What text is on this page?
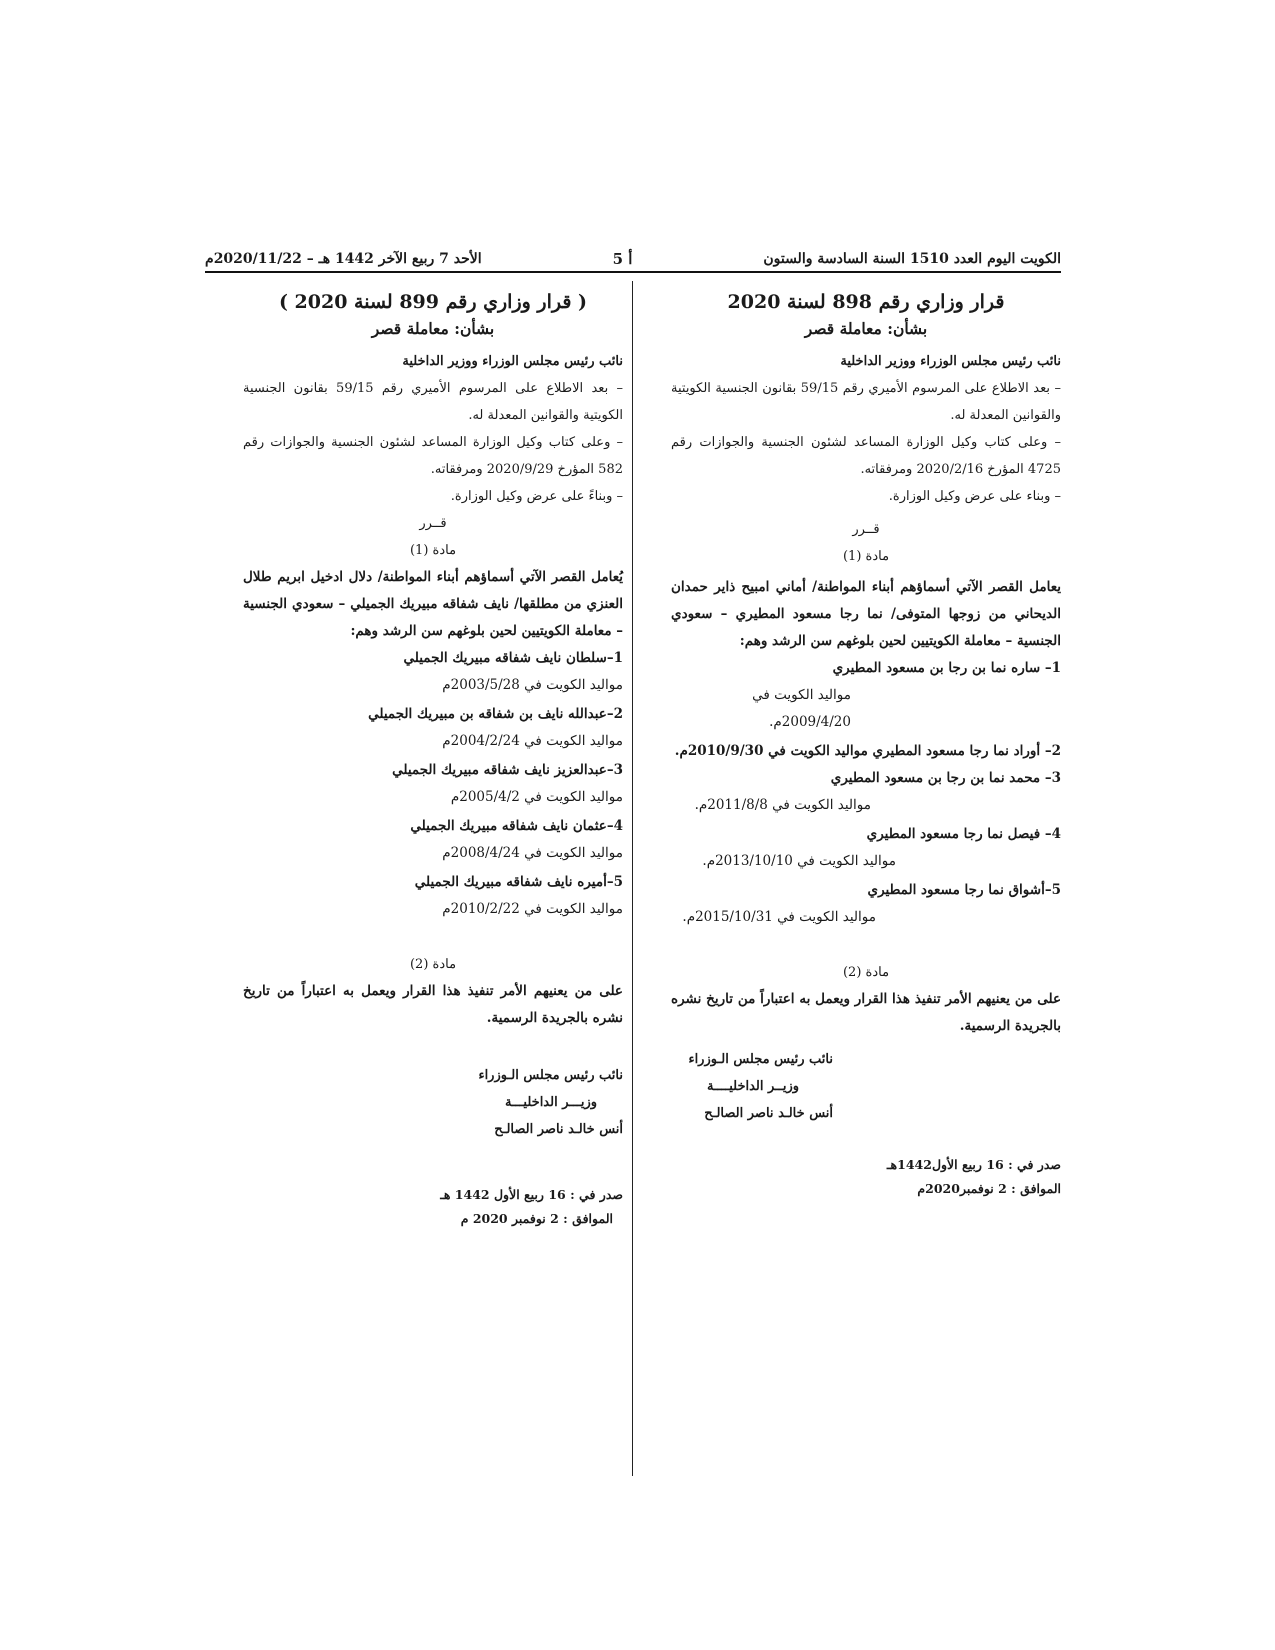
الكويت اليوم العدد 1510 السنة السادسة والستون
أ 5
الأحد 7 ربيع الآخر 1442 هـ – 2020/11/22م
قرار وزاري رقم 898 لسنة 2020
بشأن: معاملة قصر

نائب رئيس مجلس الوزراء ووزير الداخلية

– بعد الاطلاع على المرسوم الأميري رقم 59/15 بقانون الجنسية الكويتية والقوانين المعدلة له.

– وعلى كتاب وكيل الوزارة المساعد لشئون الجنسية والجوازات رقم 4725 المؤرخ 2020/2/16 ومرفقاته.

– وبناء على عرض وكيل الوزارة.

قــرر

مادة (1)

يعامل القصر الآتي أسماؤهم أبناء المواطنة/ أماني امبيح ذاير حمدان الديحاني من زوجها المتوفى/ نما رجا مسعود المطيري – سعودي الجنسية – معاملة الكويتيين لحين بلوغهم سن الرشد وهم:

1– ساره نما بن رجا بن مسعود المطيري
مواليد الكويت في 2009/4/20م.
2– أوراد نما رجا مسعود المطيري مواليد الكويت في 2010/9/30م.
3– محمد نما بن رجا بن مسعود المطيري
مواليد الكويت في 2011/8/8م.
4– فيصل نما رجا مسعود المطيري
مواليد الكويت في 2013/10/10م.
5–أشواق نما رجا مسعود المطيري
مواليد الكويت في 2015/10/31م.

مادة (2)

على من يعنيهم الأمر تنفيذ هذا القرار ويعمل به اعتباراً من تاريخ نشره بالجريدة الرسمية.

نائب رئيس مجلس الـوزراء

وزيــر الداخليــــة

أنس خالـد ناصر الصالـح

صدر في : 16 ربيع الأول1442هـ

الموافق : 2 نوفمبر2020م

( قرار وزاري رقم 899 لسنة 2020 )
بشأن: معاملة قصر

نائب رئيس مجلس الوزراء ووزير الداخلية

– بعد الاطلاع على المرسوم الأميري رقم 59/15 بقانون الجنسية الكويتية والقوانين المعدلة له.

– وعلى كتاب وكيل الوزارة المساعد لشئون الجنسية والجوازات رقم 582 المؤرخ 2020/9/29 ومرفقاته.

– وبناءً على عرض وكيل الوزارة.

قــرر

مادة (1)

يُعامل القصر الآتي أسماؤهم أبناء المواطنة/ دلال ادخيل ابريم طلال العنزي من مطلقها/ نايف شفاقه مبيريك الجميلي – سعودي الجنسية – معاملة الكويتيين لحين بلوغهم سن الرشد وهم:

1–سلطان نايف شفاقه مبيريك الجميلي
مواليد الكويت في 2003/5/28م
2–عبدالله نايف بن شفاقه بن مبيريك الجميلي
مواليد الكويت في 2004/2/24م
3–عبدالعزيز نايف شفاقه مبيريك الجميلي
مواليد الكويت في 2005/4/2م
4–عثمان نايف شفاقه مبيريك الجميلي
مواليد الكويت في 2008/4/24م
5–أميره نايف شفاقه مبيريك الجميلي
مواليد الكويت في 2010/2/22م

مادة (2)

على من يعنيهم الأمر تنفيذ هذا القرار ويعمل به اعتباراً من تاريخ نشره بالجريدة الرسمية.

نائب رئيس مجلس الـوزراء

وزيـــر الداخليـــة

أنس خالـد ناصر الصالـح

صدر في : 16 ربيع الأول 1442 هـ

الموافق : 2 نوفمبر 2020 م
